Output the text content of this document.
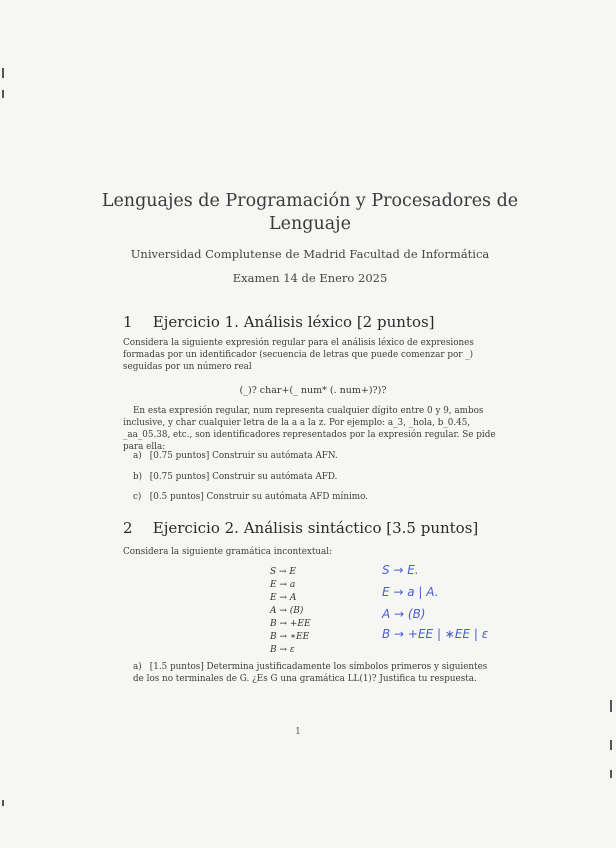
Lenguajes de Programación y Procesadores de
Lenguaje
Universidad Complutense de Madrid Facultad de Informática
Examen 14 de Enero 2025
1 Ejercicio 1. Análisis léxico [2 puntos]
Considera la siguiente expresión regular para el análisis léxico de expresiones formadas por un identificador (secuencia de letras que puede comenzar por _) seguidas por un número real
(_)? char+(_ num* (. num+)?)?
En esta expresión regular, num representa cualquier dígito entre 0 y 9, ambos inclusive, y char cualquier letra de la a a la z. Por ejemplo: a_3, _hola, b_0.45, _aa_05.38, etc., son identificadores representados por la expresión regular. Se pide para ella:
a) [0.75 puntos] Construir su autómata AFN.
b) [0.75 puntos] Construir su autómata AFD.
c) [0.5 puntos] Construir su autómata AFD mínimo.
2 Ejercicio 2. Análisis sintáctico [3.5 puntos]
Considera la siguiente gramática incontextual:
S → E
E → a
E → A
A → (B)
B → +EE
B → ∗EE
B → ε
S → E.
E → a | A.
A → (B)
B → +EE | ∗EE | ε
a) [1.5 puntos] Determina justificadamente los símbolos primeros y siguientes de los no terminales de G. ¿Es G una gramática LL(1)? Justifica tu respuesta.
1
